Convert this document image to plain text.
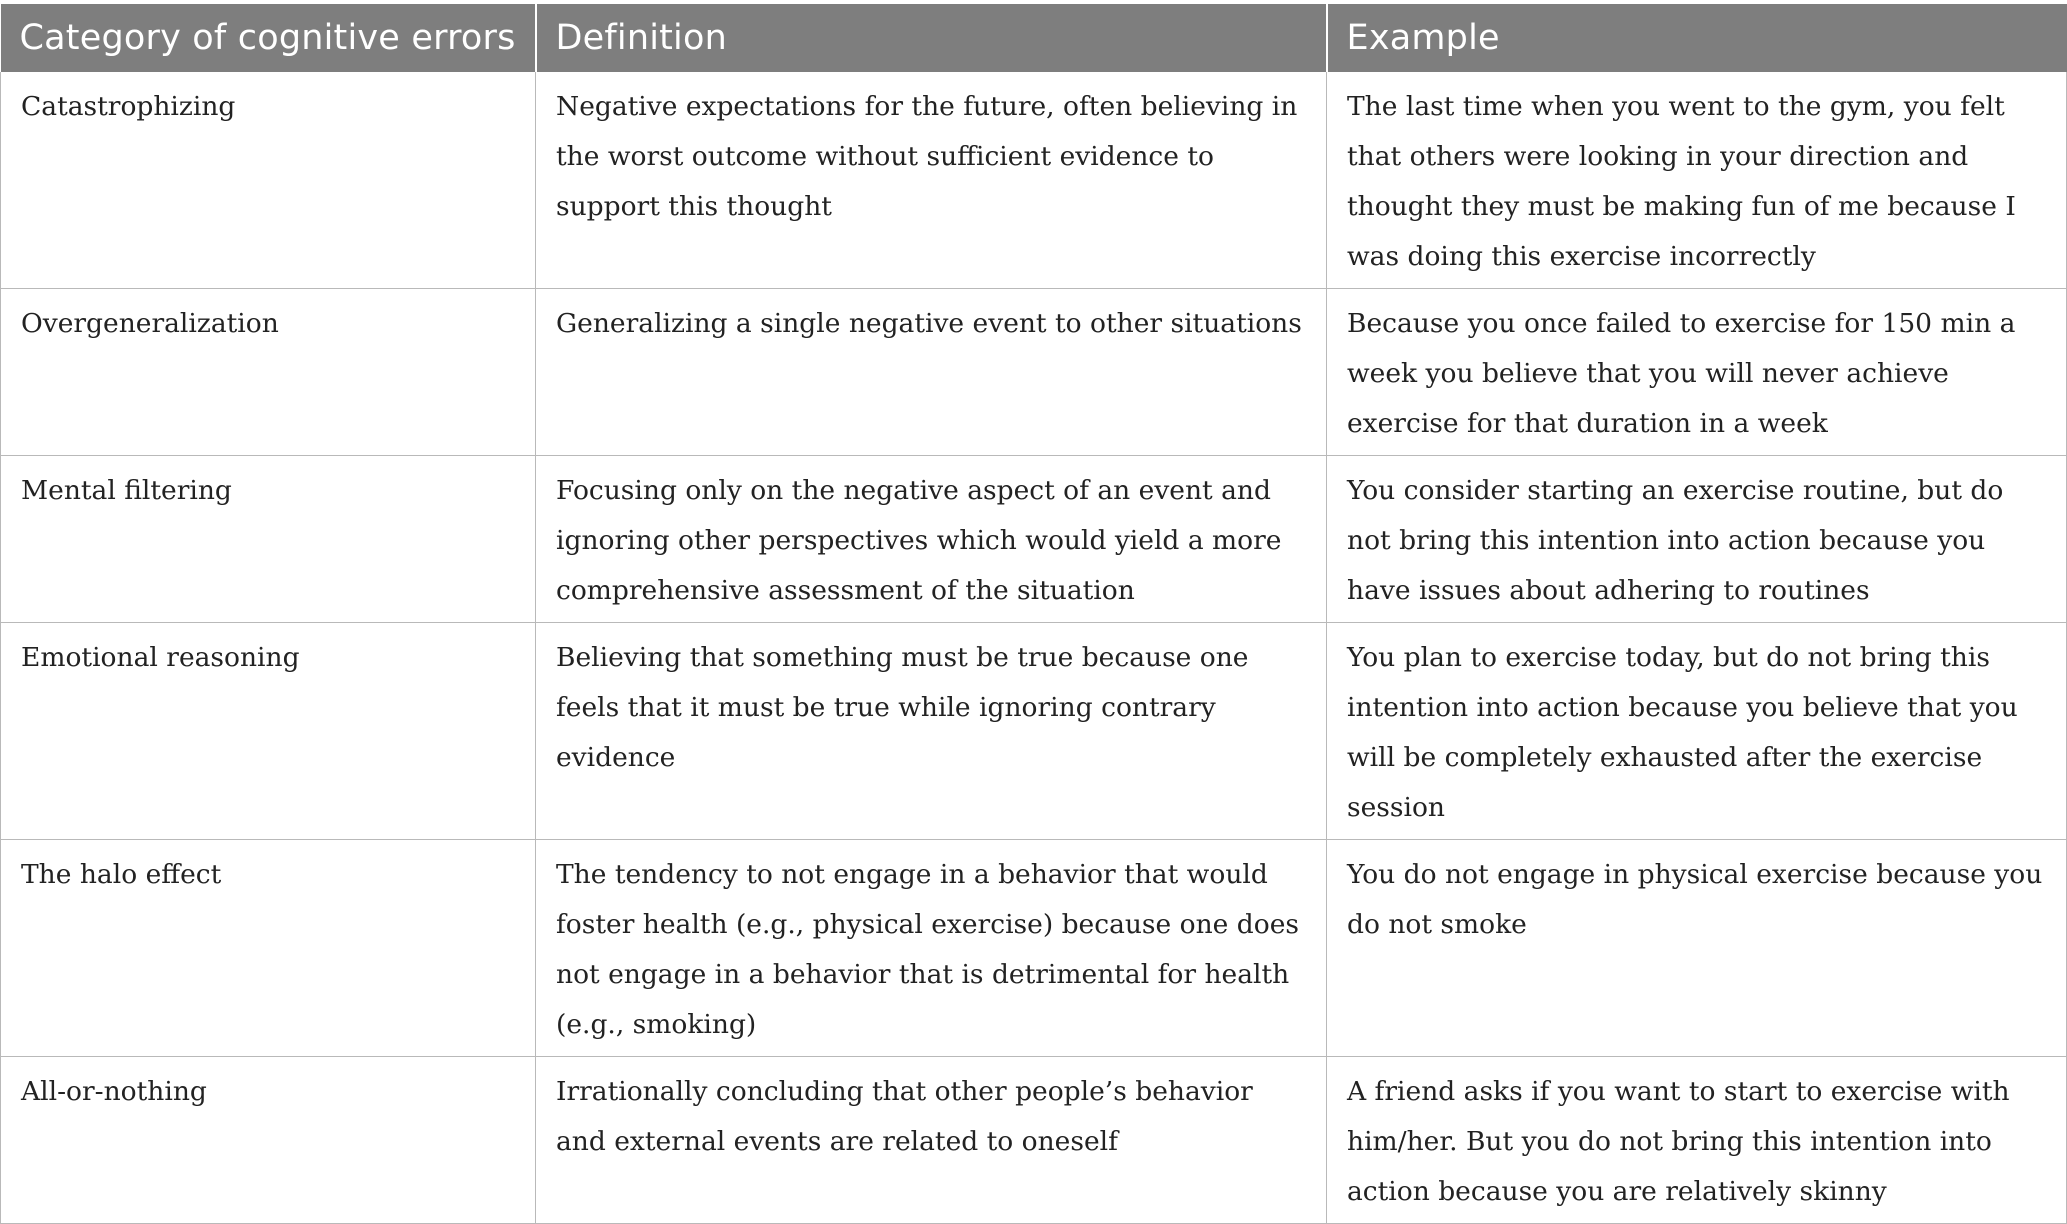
Category of cognitive errors	Definition	Example
Catastrophizing	Negative expectations for the future, often believing in the worst outcome without sufficient evidence to support this thought	The last time when you went to the gym, you felt that others were looking in your direction and thought they must be making fun of me because I was doing this exercise incorrectly
Overgeneralization	Generalizing a single negative event to other situations	Because you once failed to exercise for 150 min a week you believe that you will never achieve exercise for that duration in a week
Mental filtering	Focusing only on the negative aspect of an event and ignoring other perspectives which would yield a more comprehensive assessment of the situation	You consider starting an exercise routine, but do not bring this intention into action because you have issues about adhering to routines
Emotional reasoning	Believing that something must be true because one feels that it must be true while ignoring contrary evidence	You plan to exercise today, but do not bring this intention into action because you believe that you will be completely exhausted after the exercise session
The halo effect	The tendency to not engage in a behavior that would foster health (e.g., physical exercise) because one does not engage in a behavior that is detrimental for health (e.g., smoking)	You do not engage in physical exercise because you do not smoke
All-or-nothing	Irrationally concluding that other people’s behavior and external events are related to oneself	A friend asks if you want to start to exercise with him/her. But you do not bring this intention into action because you are relatively skinny
